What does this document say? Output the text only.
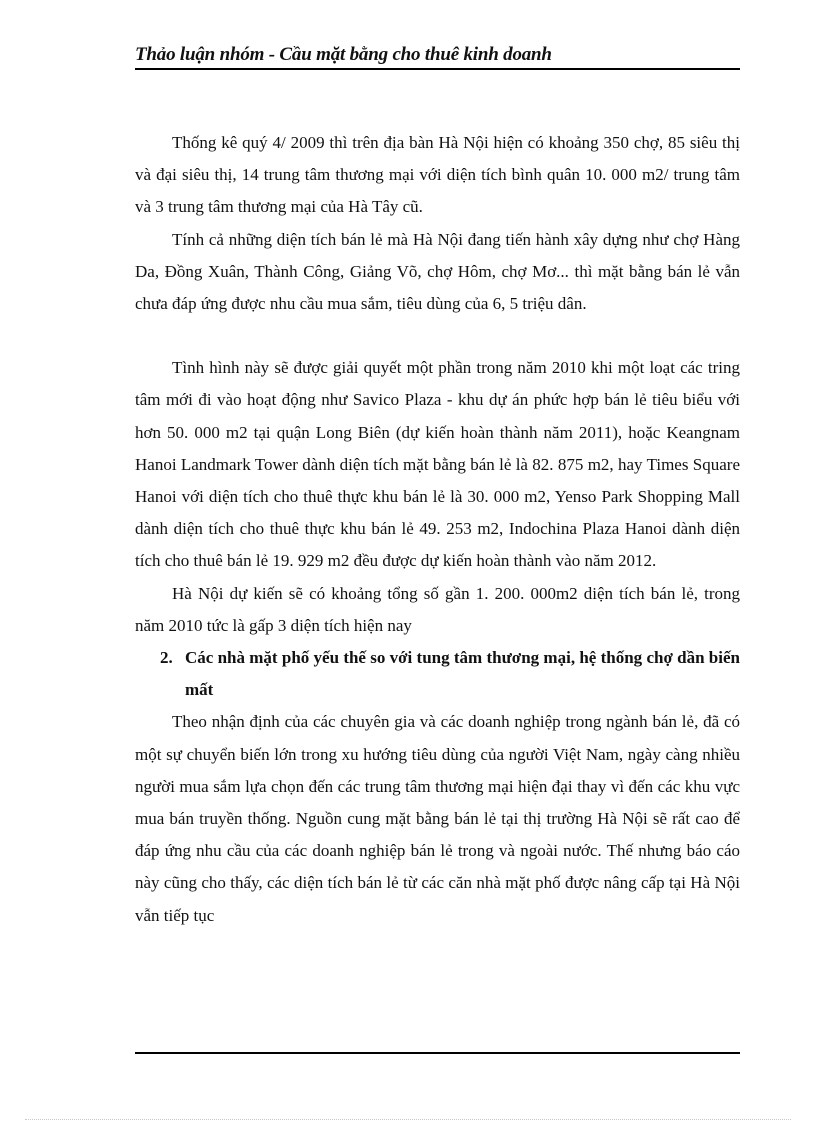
Thảo luận nhóm - Cầu mặt bằng cho thuê kinh doanh

Thống kê quý 4/ 2009 thì trên địa bàn Hà Nội hiện có khoảng 350 chợ, 85 siêu thị và đại siêu thị, 14 trung tâm thương mại với diện tích bình quân 10. 000 m2/ trung tâm và 3 trung tâm thương mại của Hà Tây cũ.

Tính cả những diện tích bán lẻ mà Hà Nội đang tiến hành xây dựng như chợ Hàng Da, Đồng Xuân, Thành Công, Giảng Võ, chợ Hôm, chợ Mơ... thì mặt bằng bán lẻ vẫn chưa đáp ứng được nhu cầu mua sắm, tiêu dùng của 6, 5 triệu dân.

Tình hình này sẽ được giải quyết một phần trong năm 2010 khi một loạt các tring tâm mới đi vào hoạt động như Savico Plaza - khu dự án phức hợp bán lẻ tiêu biểu với hơn 50. 000 m2 tại quận Long Biên (dự kiến hoàn thành năm 2011), hoặc Keangnam Hanoi Landmark Tower dành diện tích mặt bằng bán lẻ là 82. 875 m2, hay Times Square Hanoi với diện tích cho thuê thực khu bán lẻ là 30. 000 m2, Yenso Park Shopping Mall dành diện tích cho thuê thực khu bán lẻ 49. 253 m2, Indochina Plaza Hanoi dành diện tích cho thuê bán lẻ 19. 929 m2 đều được dự kiến hoàn thành vào năm 2012.

Hà Nội dự kiến sẽ có khoảng tổng số gần 1. 200. 000m2 diện tích bán lẻ, trong năm 2010 tức là gấp 3 diện tích hiện nay

2. Các nhà mặt phố yếu thế so với tung tâm thương mại, hệ thống chợ dần biến mất

Theo nhận định của các chuyên gia và các doanh nghiệp trong ngành bán lẻ, đã có một sự chuyển biến lớn trong xu hướng tiêu dùng của người Việt Nam, ngày càng nhiều người mua sắm lựa chọn đến các trung tâm thương mại hiện đại thay vì đến các khu vực mua bán truyền thống. Nguồn cung mặt bằng bán lẻ tại thị trường Hà Nội sẽ rất cao để đáp ứng nhu cầu của các doanh nghiệp bán lẻ trong và ngoài nước. Thế nhưng báo cáo này cũng cho thấy, các diện tích bán lẻ từ các căn nhà mặt phố được nâng cấp tại Hà Nội vẫn tiếp tục
